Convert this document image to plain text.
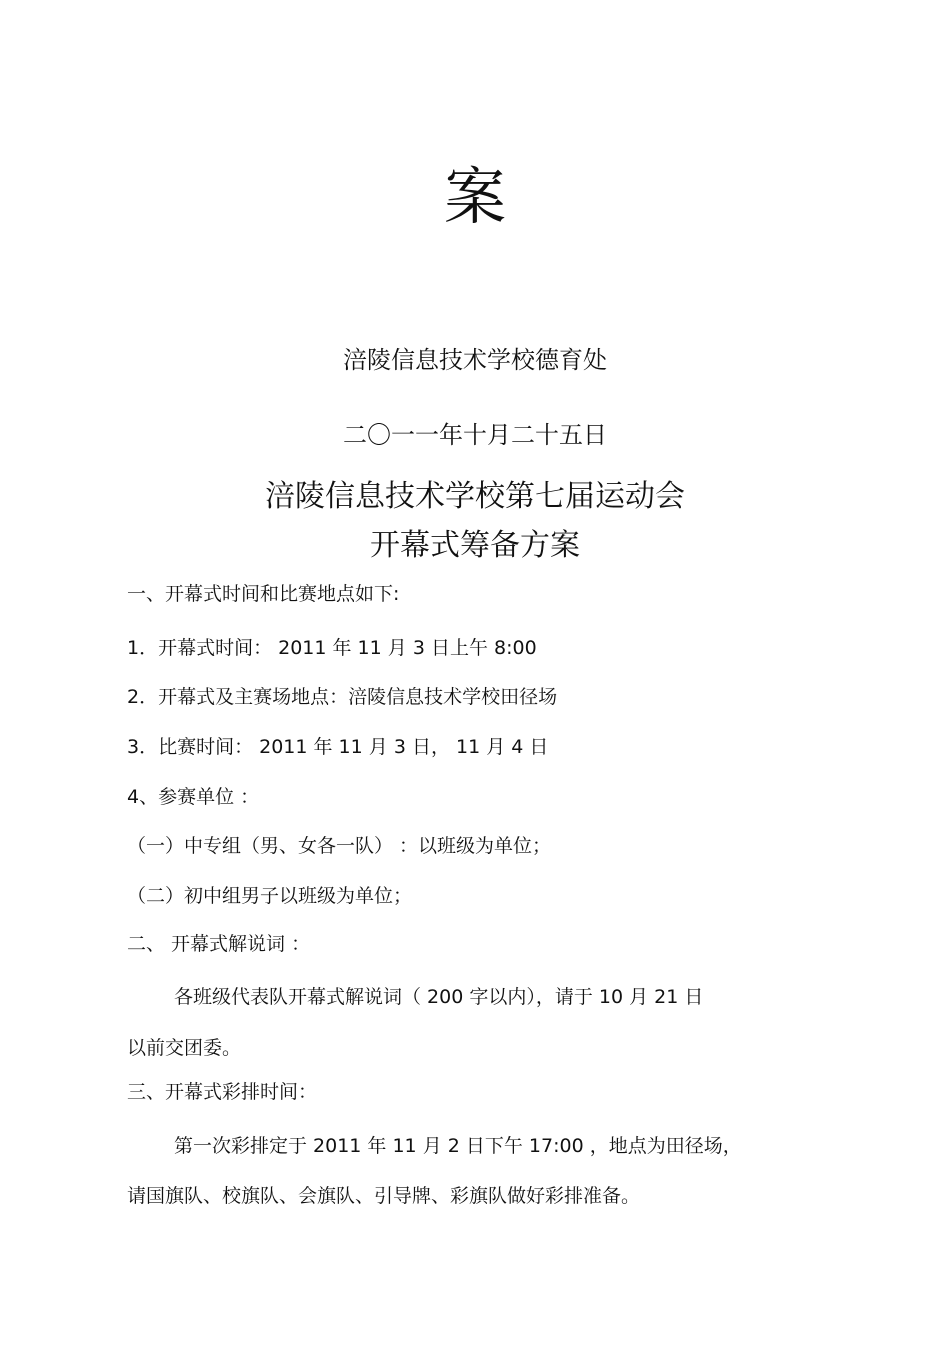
案
涪陵信息技术学校德育处
二〇一一年十月二十五日
涪陵信息技术学校第七届运动会
开幕式筹备方案
一、开幕式时间和比赛地点如下:
1．开幕式时间： 2011 年 11 月 3 日上午 8:00
2．开幕式及主赛场地点：涪陵信息技术学校田径场
3．比赛时间： 2011 年 11 月 3 日， 11 月 4 日
4、参赛单位 ：
（一）中专组（男、女各一队） ：以班级为单位；
（二）初中组男子以班级为单位；
二、 开幕式解说词 ：
各班级代表队开幕式解说词（ 200 字以内），请于 10 月 21 日
以前交团委。
三、开幕式彩排时间：
第一次彩排定于 2011 年 11 月 2 日下午 17:00 ，地点为田径场，
请国旗队、校旗队、会旗队、引导牌、彩旗队做好彩排准备。
